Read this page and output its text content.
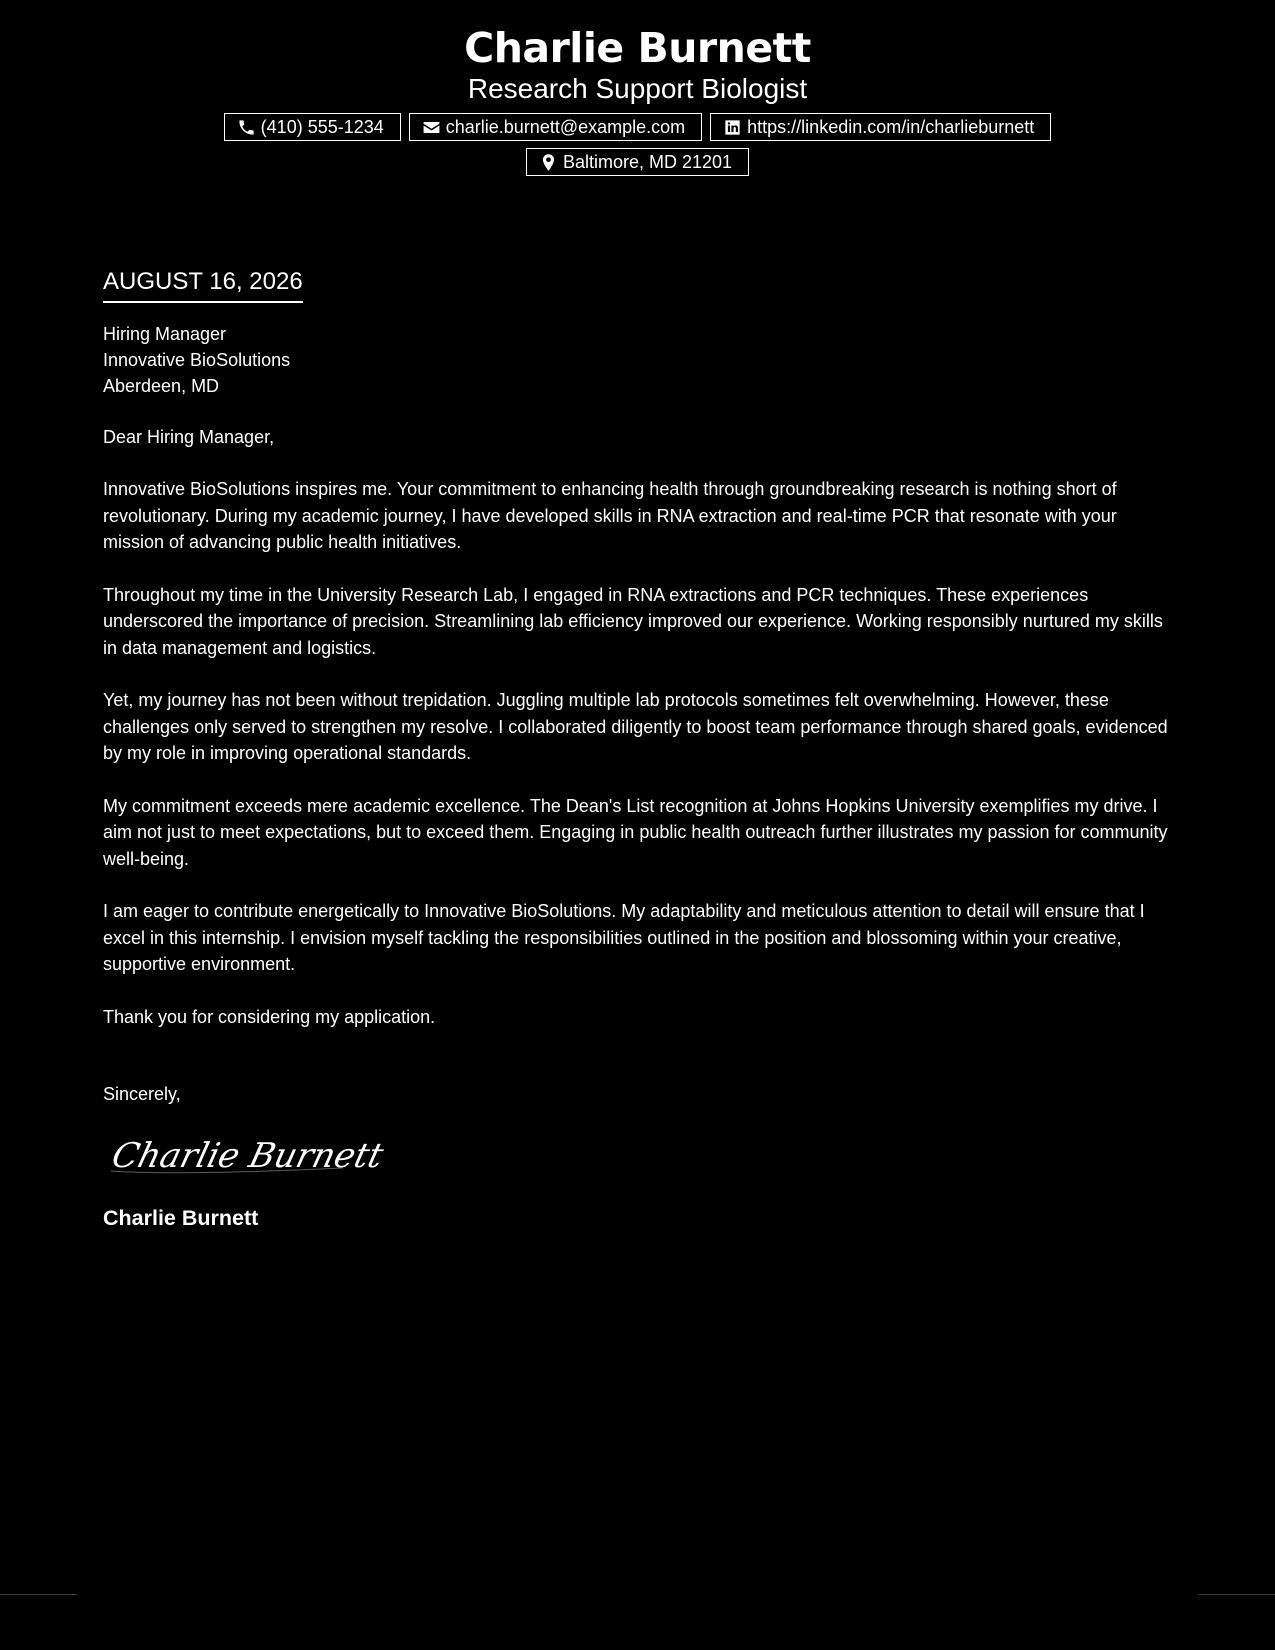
Charlie Burnett
Research Support Biologist
(410) 555-1234	charlie.burnett@example.com	https://linkedin.com/in/charlieburnett
Baltimore, MD 21201
AUGUST 16, 2026
Hiring Manager
Innovative BioSolutions
Aberdeen, MD
Dear Hiring Manager,
Innovative BioSolutions inspires me. Your commitment to enhancing health through groundbreaking research is nothing short of revolutionary. During my academic journey, I have developed skills in RNA extraction and real-time PCR that resonate with your mission of advancing public health initiatives.
Throughout my time in the University Research Lab, I engaged in RNA extractions and PCR techniques. These experiences underscored the importance of precision. Streamlining lab efficiency improved our experience. Working responsibly nurtured my skills in data management and logistics.
Yet, my journey has not been without trepidation. Juggling multiple lab protocols sometimes felt overwhelming. However, these challenges only served to strengthen my resolve. I collaborated diligently to boost team performance through shared goals, evidenced by my role in improving operational standards.
My commitment exceeds mere academic excellence. The Dean's List recognition at Johns Hopkins University exemplifies my drive. I aim not just to meet expectations, but to exceed them. Engaging in public health outreach further illustrates my passion for community well-being.
I am eager to contribute energetically to Innovative BioSolutions. My adaptability and meticulous attention to detail will ensure that I excel in this internship. I envision myself tackling the responsibilities outlined in the position and blossoming within your creative, supportive environment.
Thank you for considering my application.
Sincerely,
Charlie Burnett
Charlie Burnett
